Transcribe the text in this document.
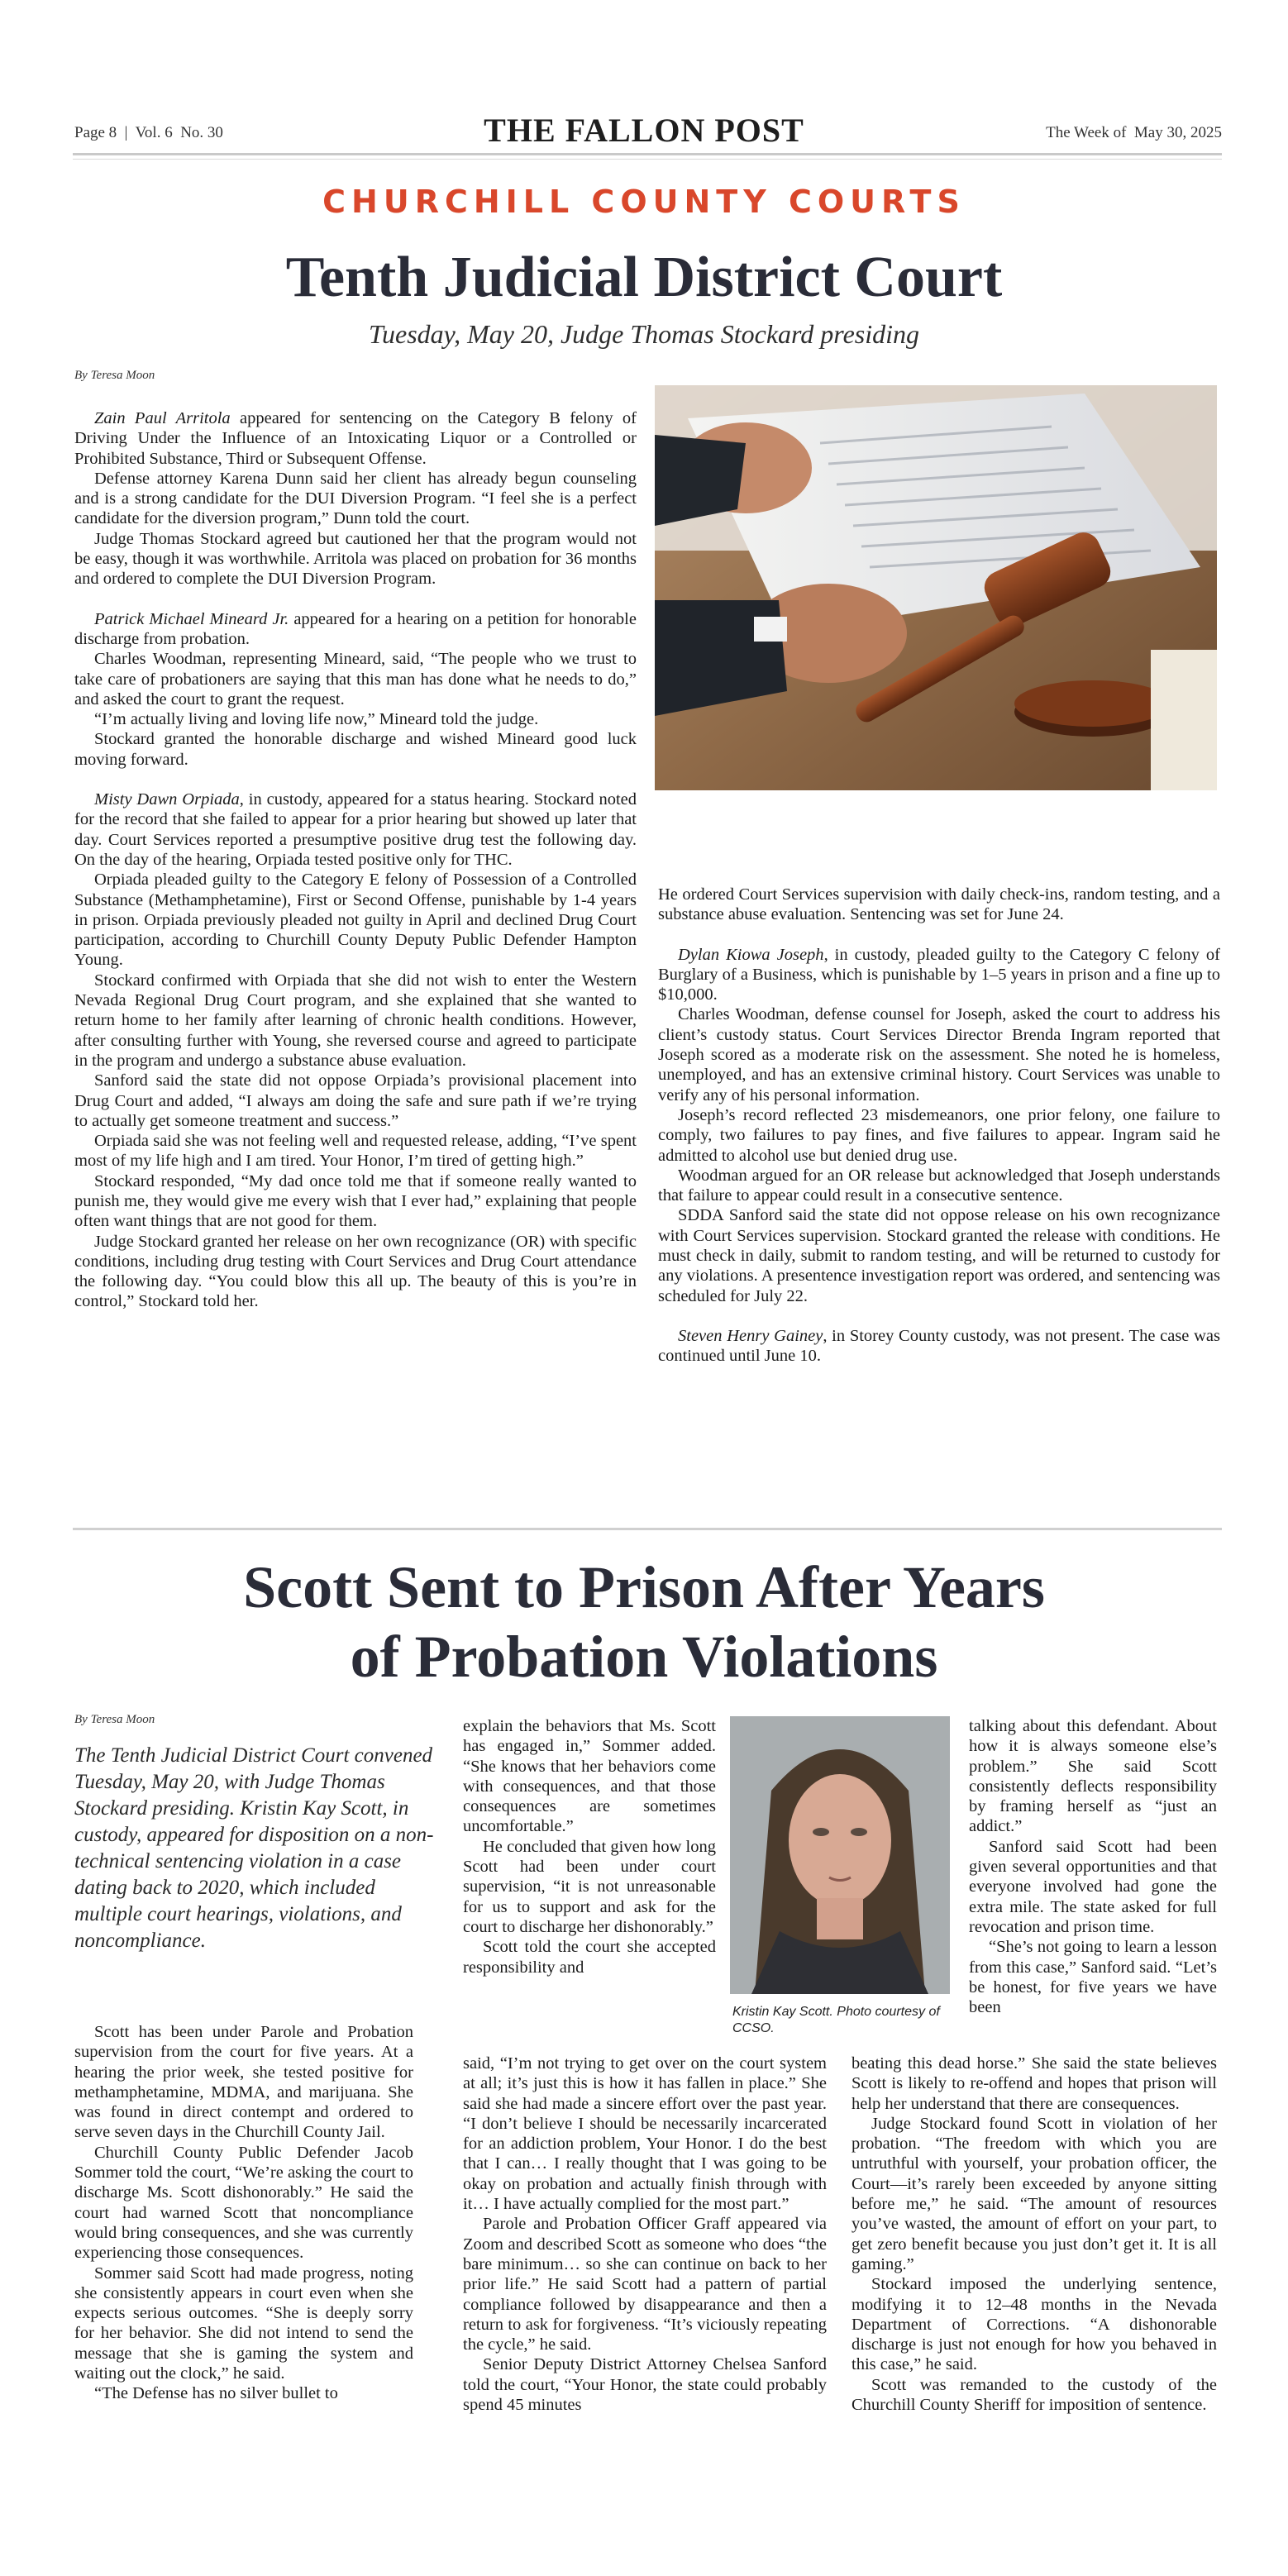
Page 8  |  Vol. 6  No. 30	THE FALLON POST	The Week of  May 30, 2025
CHURCHILL COUNTY COURTS
Tenth Judicial District Court
Tuesday, May 20, Judge Thomas Stockard presiding
By Teresa Moon

Zain Paul Arritola appeared for sentencing on the Category B felony of Driving Under the Influence of an Intoxicating Liquor or a Controlled or Prohibited Substance, Third or Subsequent Offense.

Defense attorney Karena Dunn said her client has already begun counseling and is a strong candidate for the DUI Diversion Program. “I feel she is a perfect candidate for the diversion program,” Dunn told the court.

Judge Thomas Stockard agreed but cautioned her that the program would not be easy, though it was worthwhile. Arritola was placed on probation for 36 months and ordered to complete the DUI Diversion Program.

Patrick Michael Mineard Jr. appeared for a hearing on a petition for honorable discharge from probation.

Charles Woodman, representing Mineard, said, “The people who we trust to take care of probationers are saying that this man has done what he needs to do,” and asked the court to grant the request.

“I’m actually living and loving life now,” Mineard told the judge.

Stockard granted the honorable discharge and wished Mineard good luck moving forward.

Misty Dawn Orpiada, in custody, appeared for a status hearing. Stockard noted for the record that she failed to appear for a prior hearing but showed up later that day. Court Services reported a presumptive positive drug test the following day. On the day of the hearing, Orpiada tested positive only for THC.

Orpiada pleaded guilty to the Category E felony of Possession of a Controlled Substance (Methamphetamine), First or Second Offense, punishable by 1-4 years in prison. Orpiada previously pleaded not guilty in April and declined Drug Court participation, according to Churchill County Deputy Public Defender Hampton Young.

Stockard confirmed with Orpiada that she did not wish to enter the Western Nevada Regional Drug Court program, and she explained that she wanted to return home to her family after learning of chronic health conditions. However, after consulting further with Young, she reversed course and agreed to participate in the program and undergo a substance abuse evaluation.

Sanford said the state did not oppose Orpiada’s provisional placement into Drug Court and added, “I always am doing the safe and sure path if we’re trying to actually get someone treatment and success.”

Orpiada said she was not feeling well and requested release, adding, “I’ve spent most of my life high and I am tired. Your Honor, I’m tired of getting high.”

Stockard responded, “My dad once told me that if someone really wanted to punish me, they would give me every wish that I ever had,” explaining that people often want things that are not good for them.

Judge Stockard granted her release on her own recognizance (OR) with specific conditions, including drug testing with Court Services and Drug Court attendance the following day. “You could blow this all up. The beauty of this is you’re in control,” Stockard told her.

He ordered Court Services supervision with daily check-ins, random testing, and a substance abuse evaluation. Sentencing was set for June 24.

Dylan Kiowa Joseph, in custody, pleaded guilty to the Category C felony of Burglary of a Business, which is punishable by 1–5 years in prison and a fine up to $10,000.

Charles Woodman, defense counsel for Joseph, asked the court to address his client’s custody status. Court Services Director Brenda Ingram reported that Joseph scored as a moderate risk on the assessment. She noted he is homeless, unemployed, and has an extensive criminal history. Court Services was unable to verify any of his personal information.

Joseph’s record reflected 23 misdemeanors, one prior felony, one failure to comply, two failures to pay fines, and five failures to appear. Ingram said he admitted to alcohol use but denied drug use.

Woodman argued for an OR release but acknowledged that Joseph understands that failure to appear could result in a consecutive sentence.

SDDA Sanford said the state did not oppose release on his own recognizance with Court Services supervision. Stockard granted the release with conditions. He must check in daily, submit to random testing, and will be returned to custody for any violations. A presentence investigation report was ordered, and sentencing was scheduled for July 22.

Steven Henry Gainey, in Storey County custody, was not present. The case was continued until June 10.

Scott Sent to Prison After Years
of Probation Violations
By Teresa Moon
The Tenth Judicial District Court convened Tuesday, May 20, with Judge Thomas Stockard presiding. Kristin Kay Scott, in custody, appeared for disposition on a non-technical sentencing violation in a case dating back to 2020, which included multiple court hearings, violations, and noncompliance.

Scott has been under Parole and Probation supervision from the court for five years. At a hearing the prior week, she tested positive for methamphetamine, MDMA, and marijuana. She was found in direct contempt and ordered to serve seven days in the Churchill County Jail.

Churchill County Public Defender Jacob Sommer told the court, “We’re asking the court to discharge Ms. Scott dishonorably.” He said the court had warned Scott that noncompliance would bring consequences, and she was currently experiencing those consequences.

Sommer said Scott had made progress, noting she consistently appears in court even when she expects serious outcomes. “She is deeply sorry for her behavior. She did not intend to send the message that she is gaming the system and waiting out the clock,” he said.

“The Defense has no silver bullet to

explain the behaviors that Ms. Scott has engaged in,” Sommer added. “She knows that her behaviors come with consequences, and that those consequences are sometimes uncomfortable.”

He concluded that given how long Scott had been under court supervision, “it is not unreasonable for us to support and ask for the court to discharge her dishonorably.”

Scott told the court she accepted responsibility and

said, “I’m not trying to get over on the court system at all; it’s just this is how it has fallen in place.” She said she had made a sincere effort over the past year. “I don’t believe I should be necessarily incarcerated for an addiction problem, Your Honor. I do the best that I can… I really thought that I was going to be okay on probation and actually finish through with it… I have actually complied for the most part.”

Parole and Probation Officer Graff appeared via Zoom and described Scott as someone who does “the bare minimum… so she can continue on back to her prior life.” He said Scott had a pattern of partial compliance followed by disappearance and then a return to ask for forgiveness. “It’s viciously repeating the cycle,” he said.

Senior Deputy District Attorney Chelsea Sanford told the court, “Your Honor, the state could probably spend 45 minutes

Kristin Kay Scott. Photo courtesy of CCSO.

talking about this defendant. About how it is always someone else’s problem.” She said Scott consistently deflects responsibility by framing herself as “just an addict.”

Sanford said Scott had been given several opportunities and that everyone involved had gone the extra mile. The state asked for full revocation and prison time.

“She’s not going to learn a lesson from this case,” Sanford said. “Let’s be honest, for five years we have been

beating this dead horse.” She said the state believes Scott is likely to re-offend and hopes that prison will help her understand that there are consequences.

Judge Stockard found Scott in violation of her probation. “The freedom with which you are untruthful with yourself, your probation officer, the Court—it’s rarely been exceeded by anyone sitting before me,” he said. “The amount of resources you’ve wasted, the amount of effort on your part, to get zero benefit because you just don’t get it. It is all gaming.”

Stockard imposed the underlying sentence, modifying it to 12–48 months in the Nevada Department of Corrections. “A dishonorable discharge is just not enough for how you behaved in this case,” he said.

Scott was remanded to the custody of the Churchill County Sheriff for imposition of sentence.
